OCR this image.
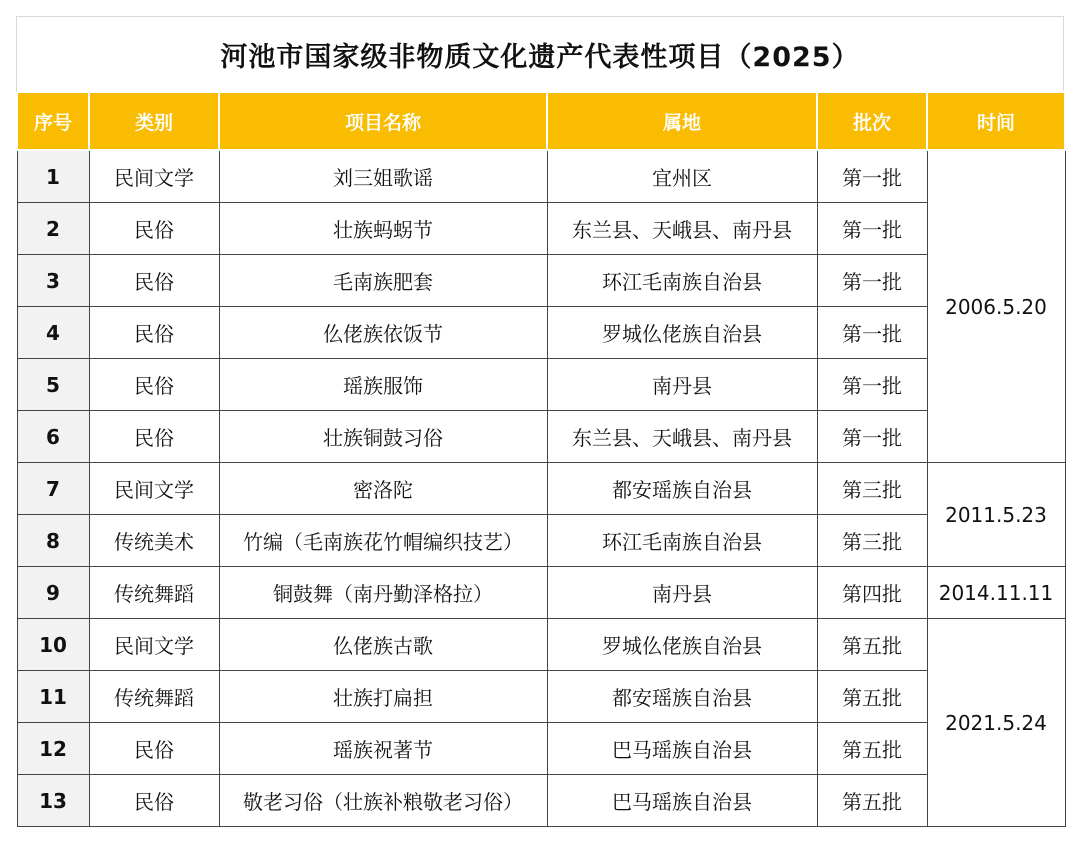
河池市国家级非物质文化遗产代表性项目（2025）
序号	类别	项目名称	属地	批次	时间
1	民间文学	刘三姐歌谣	宜州区	第一批	2006.5.20
2	民俗	壮族蚂𧊅节	东兰县、天峨县、南丹县	第一批	
3	民俗	毛南族肥套	环江毛南族自治县	第一批	
4	民俗	仫佬族依饭节	罗城仫佬族自治县	第一批	
5	民俗	瑶族服饰	南丹县	第一批	
6	民俗	壮族铜鼓习俗	东兰县、天峨县、南丹县	第一批	
7	民间文学	密洛陀	都安瑶族自治县	第三批	2011.5.23
8	传统美术	竹编（毛南族花竹帽编织技艺）	环江毛南族自治县	第三批	
9	传统舞蹈	铜鼓舞（南丹勤泽格拉）	南丹县	第四批	2014.11.11
10	民间文学	仫佬族古歌	罗城仫佬族自治县	第五批	2021.5.24
11	传统舞蹈	壮族打扁担	都安瑶族自治县	第五批	
12	民俗	瑶族祝著节	巴马瑶族自治县	第五批	
13	民俗	敬老习俗（壮族补粮敬老习俗）	巴马瑶族自治县	第五批	
